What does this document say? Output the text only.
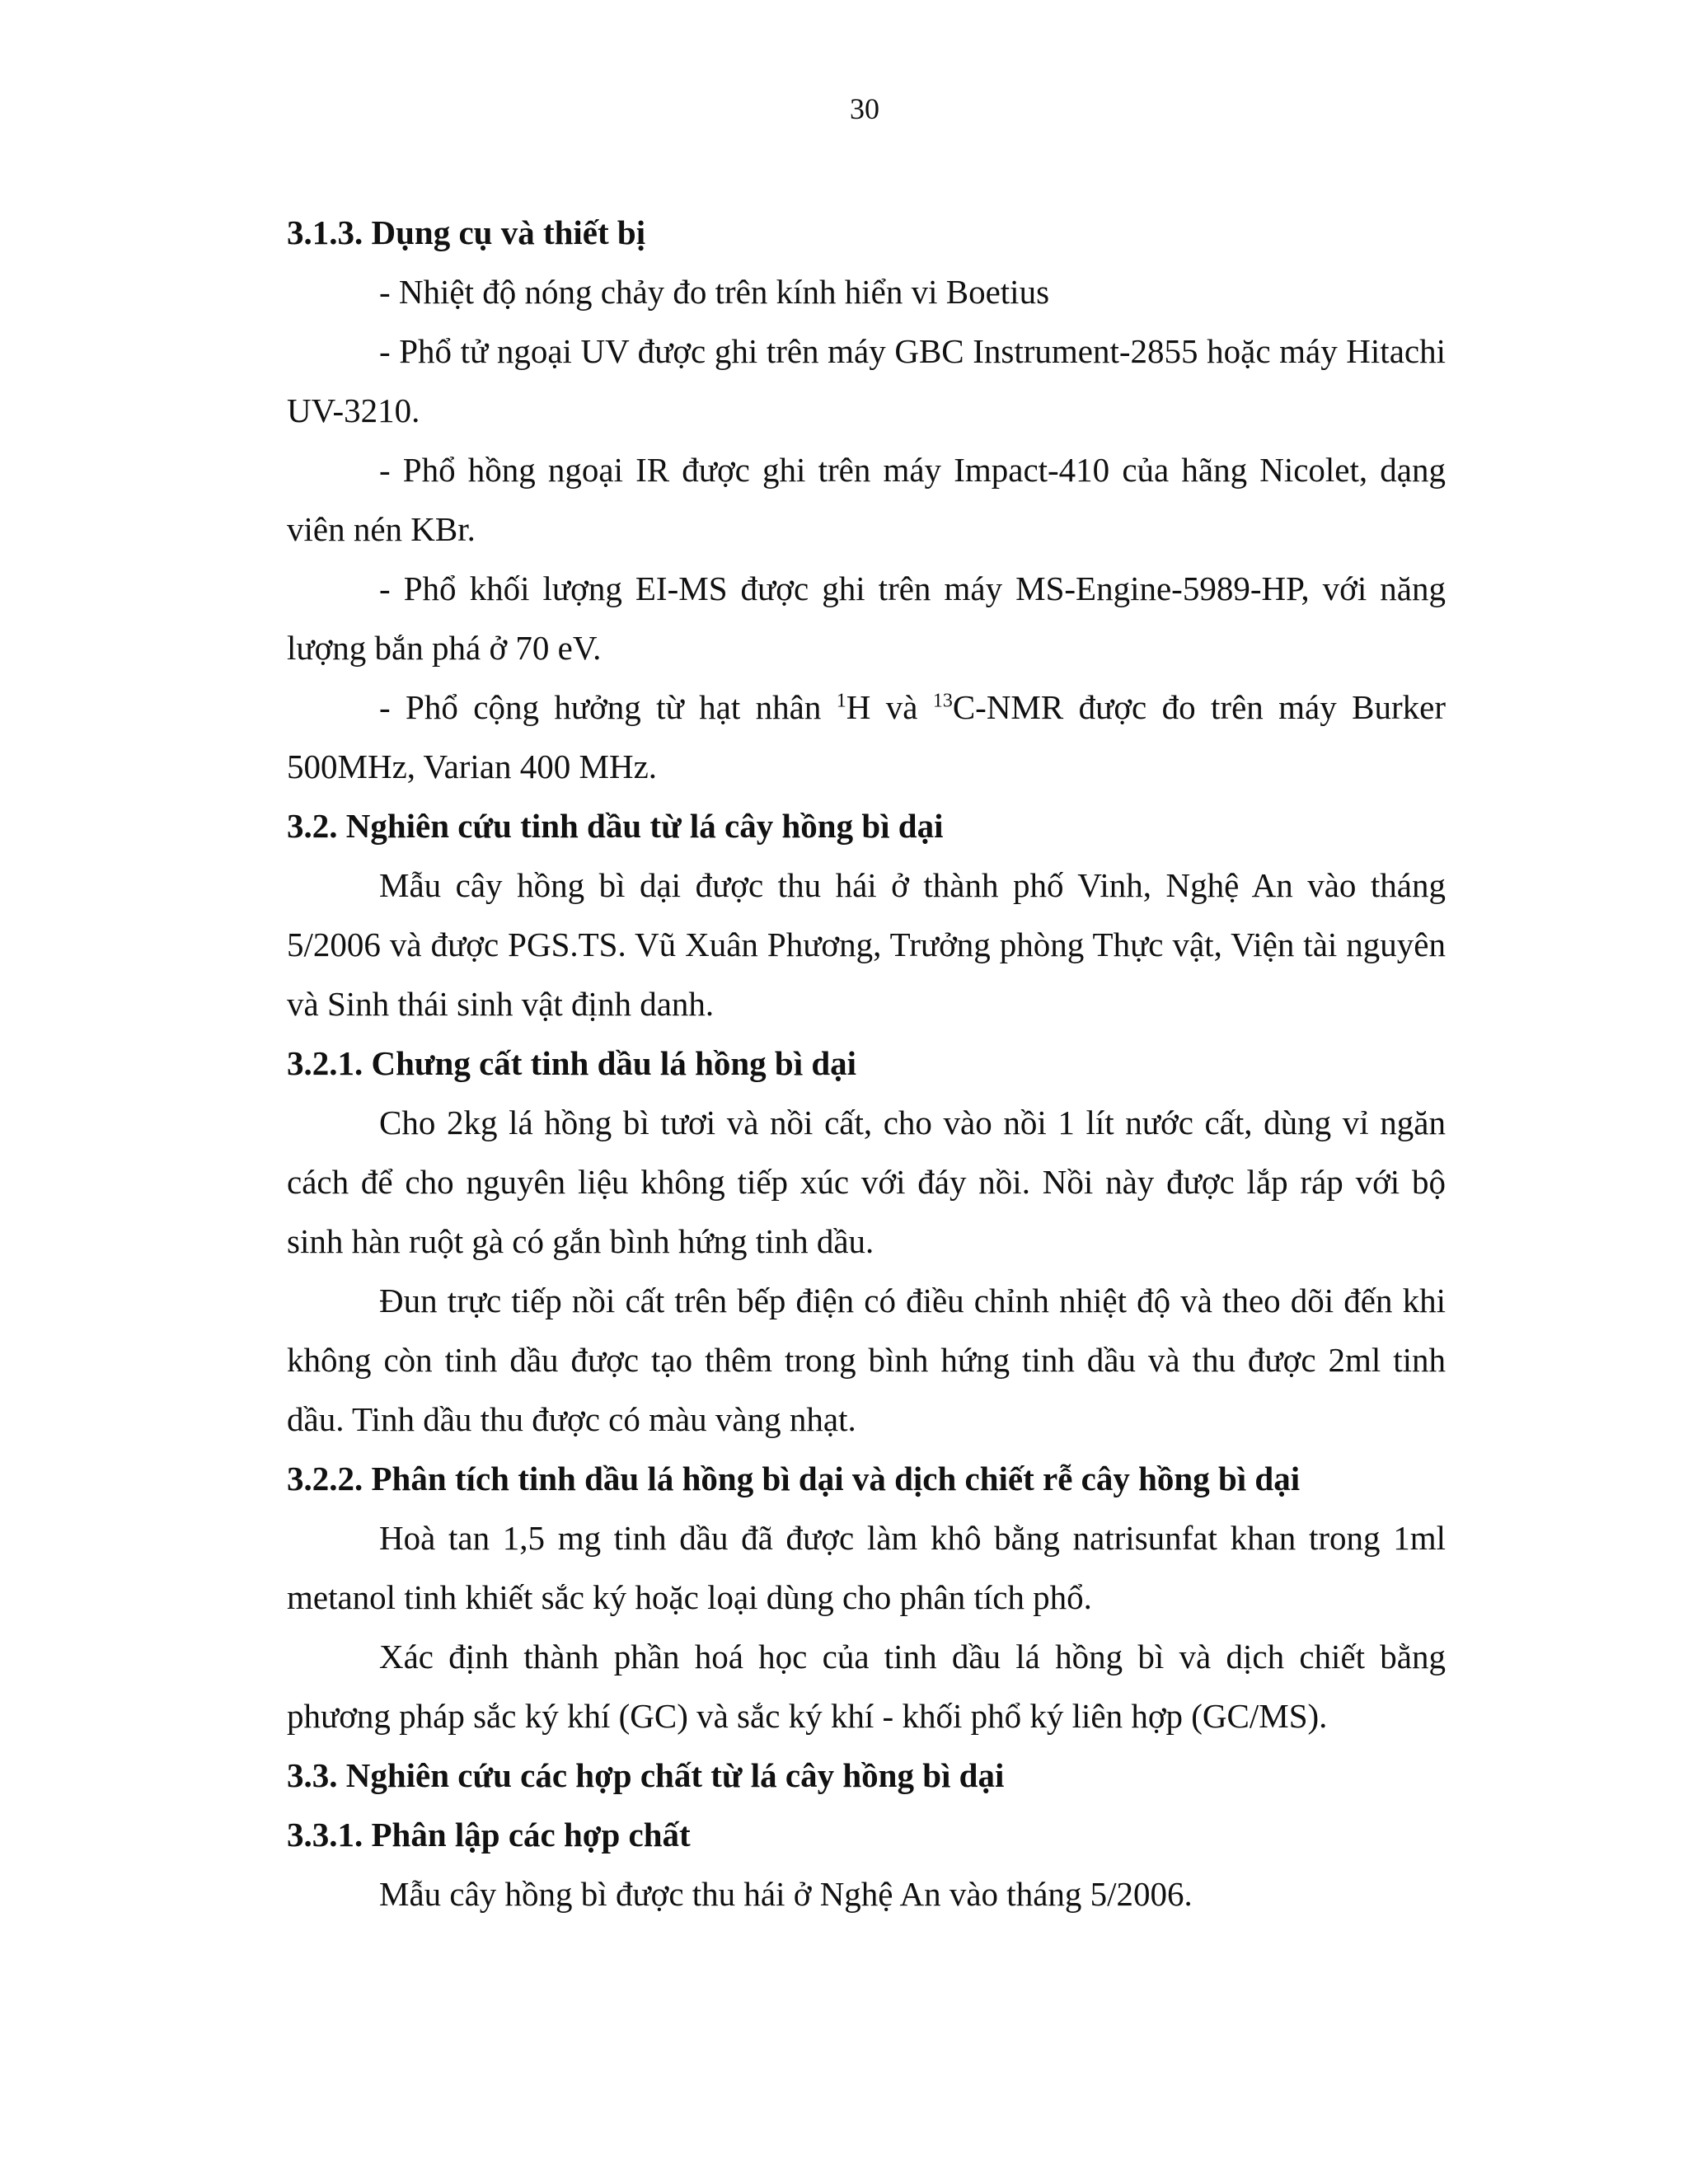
30

3.1.3. Dụng cụ và thiết bị

- Nhiệt độ nóng chảy đo trên kính hiển vi Boetius

- Phổ tử ngoại UV được ghi trên máy GBC Instrument-2855 hoặc máy Hitachi UV-3210.

- Phổ hồng ngoại IR được ghi trên máy Impact-410 của hãng Nicolet, dạng viên nén KBr.

- Phổ khối lượng EI-MS được ghi trên máy MS-Engine-5989-HP, với năng lượng bắn phá ở 70 eV.

- Phổ cộng hưởng từ hạt nhân $^1$H và $^{13}$C-NMR được đo trên máy Burker 500MHz, Varian 400 MHz.

3.2. Nghiên cứu tinh dầu từ lá cây hồng bì dại

Mẫu cây hồng bì dại được thu hái ở thành phố Vinh, Nghệ An vào tháng 5/2006 và được PGS.TS. Vũ Xuân Phương, Trưởng phòng Thực vật, Viện tài nguyên và Sinh thái sinh vật định danh.

3.2.1. Chưng cất tinh dầu lá hồng bì dại

Cho 2kg lá hồng bì tươi và nồi cất, cho vào nồi 1 lít nước cất, dùng vỉ ngăn cách để cho nguyên liệu không tiếp xúc với đáy nồi. Nồi này được lắp ráp với bộ sinh hàn ruột gà có gắn bình hứng tinh dầu.

Đun trực tiếp nồi cất trên bếp điện có điều chỉnh nhiệt độ và theo dõi đến khi không còn tinh dầu được tạo thêm trong bình hứng tinh dầu và thu được 2ml tinh dầu. Tinh dầu thu được có màu vàng nhạt.

3.2.2. Phân tích tinh dầu lá hồng bì dại và dịch chiết rễ cây hồng bì dại

Hoà tan 1,5 mg tinh dầu đã được làm khô bằng natrisunfat khan trong 1ml metanol tinh khiết sắc ký hoặc loại dùng cho phân tích phổ.

Xác định thành phần hoá học của tinh dầu lá hồng bì và dịch chiết bằng phương pháp sắc ký khí (GC) và sắc ký khí - khối phổ ký liên hợp (GC/MS).

3.3. Nghiên cứu các hợp chất từ lá cây hồng bì dại

3.3.1. Phân lập các hợp chất

Mẫu cây hồng bì được thu hái ở Nghệ An vào tháng 5/2006.
